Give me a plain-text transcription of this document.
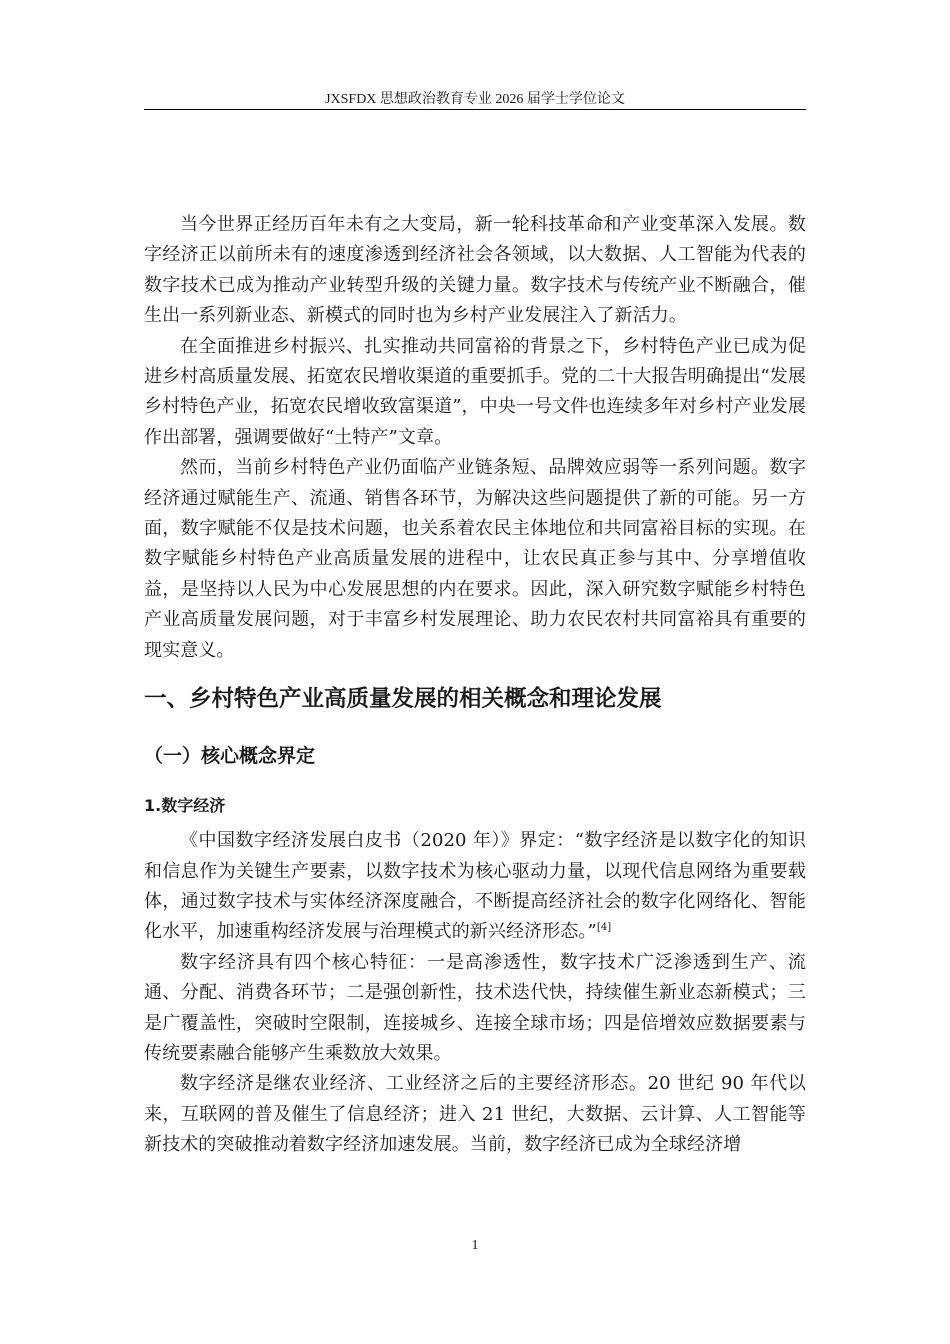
JXSFDX 思想政治教育专业 2026 届学士学位论文

当今世界正经历百年未有之大变局，新一轮科技革命和产业变革深入发展。数字经济正以前所未有的速度渗透到经济社会各领域，以大数据、人工智能为代表的数字技术已成为推动产业转型升级的关键力量。数字技术与传统产业不断融合，催生出一系列新业态、新模式的同时也为乡村产业发展注入了新活力。

在全面推进乡村振兴、扎实推动共同富裕的背景之下，乡村特色产业已成为促进乡村高质量发展、拓宽农民增收渠道的重要抓手。党的二十大报告明确提出“发展乡村特色产业，拓宽农民增收致富渠道”，中央一号文件也连续多年对乡村产业发展作出部署，强调要做好“土特产”文章。

然而，当前乡村特色产业仍面临产业链条短、品牌效应弱等一系列问题。数字经济通过赋能生产、流通、销售各环节，为解决这些问题提供了新的可能。另一方面，数字赋能不仅是技术问题，也关系着农民主体地位和共同富裕目标的实现。在数字赋能乡村特色产业高质量发展的进程中，让农民真正参与其中、分享增值收益，是坚持以人民为中心发展思想的内在要求。因此，深入研究数字赋能乡村特色产业高质量发展问题，对于丰富乡村发展理论、助力农民农村共同富裕具有重要的现实意义。

一、乡村特色产业高质量发展的相关概念和理论发展
（一）核心概念界定
1.数字经济

《中国数字经济发展白皮书（2020 年）》界定：“数字经济是以数字化的知识和信息作为关键生产要素，以数字技术为核心驱动力量，以现代信息网络为重要载体，通过数字技术与实体经济深度融合，不断提高经济社会的数字化网络化、智能化水平，加速重构经济发展与治理模式的新兴经济形态。”[4]

数字经济具有四个核心特征：一是高渗透性，数字技术广泛渗透到生产、流通、分配、消费各环节；二是强创新性，技术迭代快，持续催生新业态新模式；三是广覆盖性，突破时空限制，连接城乡、连接全球市场；四是倍增效应数据要素与传统要素融合能够产生乘数放大效果。

数字经济是继农业经济、工业经济之后的主要经济形态。20 世纪 90 年代以来，互联网的普及催生了信息经济；进入 21 世纪，大数据、云计算、人工智能等新技术的突破推动着数字经济加速发展。当前，数字经济已成为全球经济增

1
